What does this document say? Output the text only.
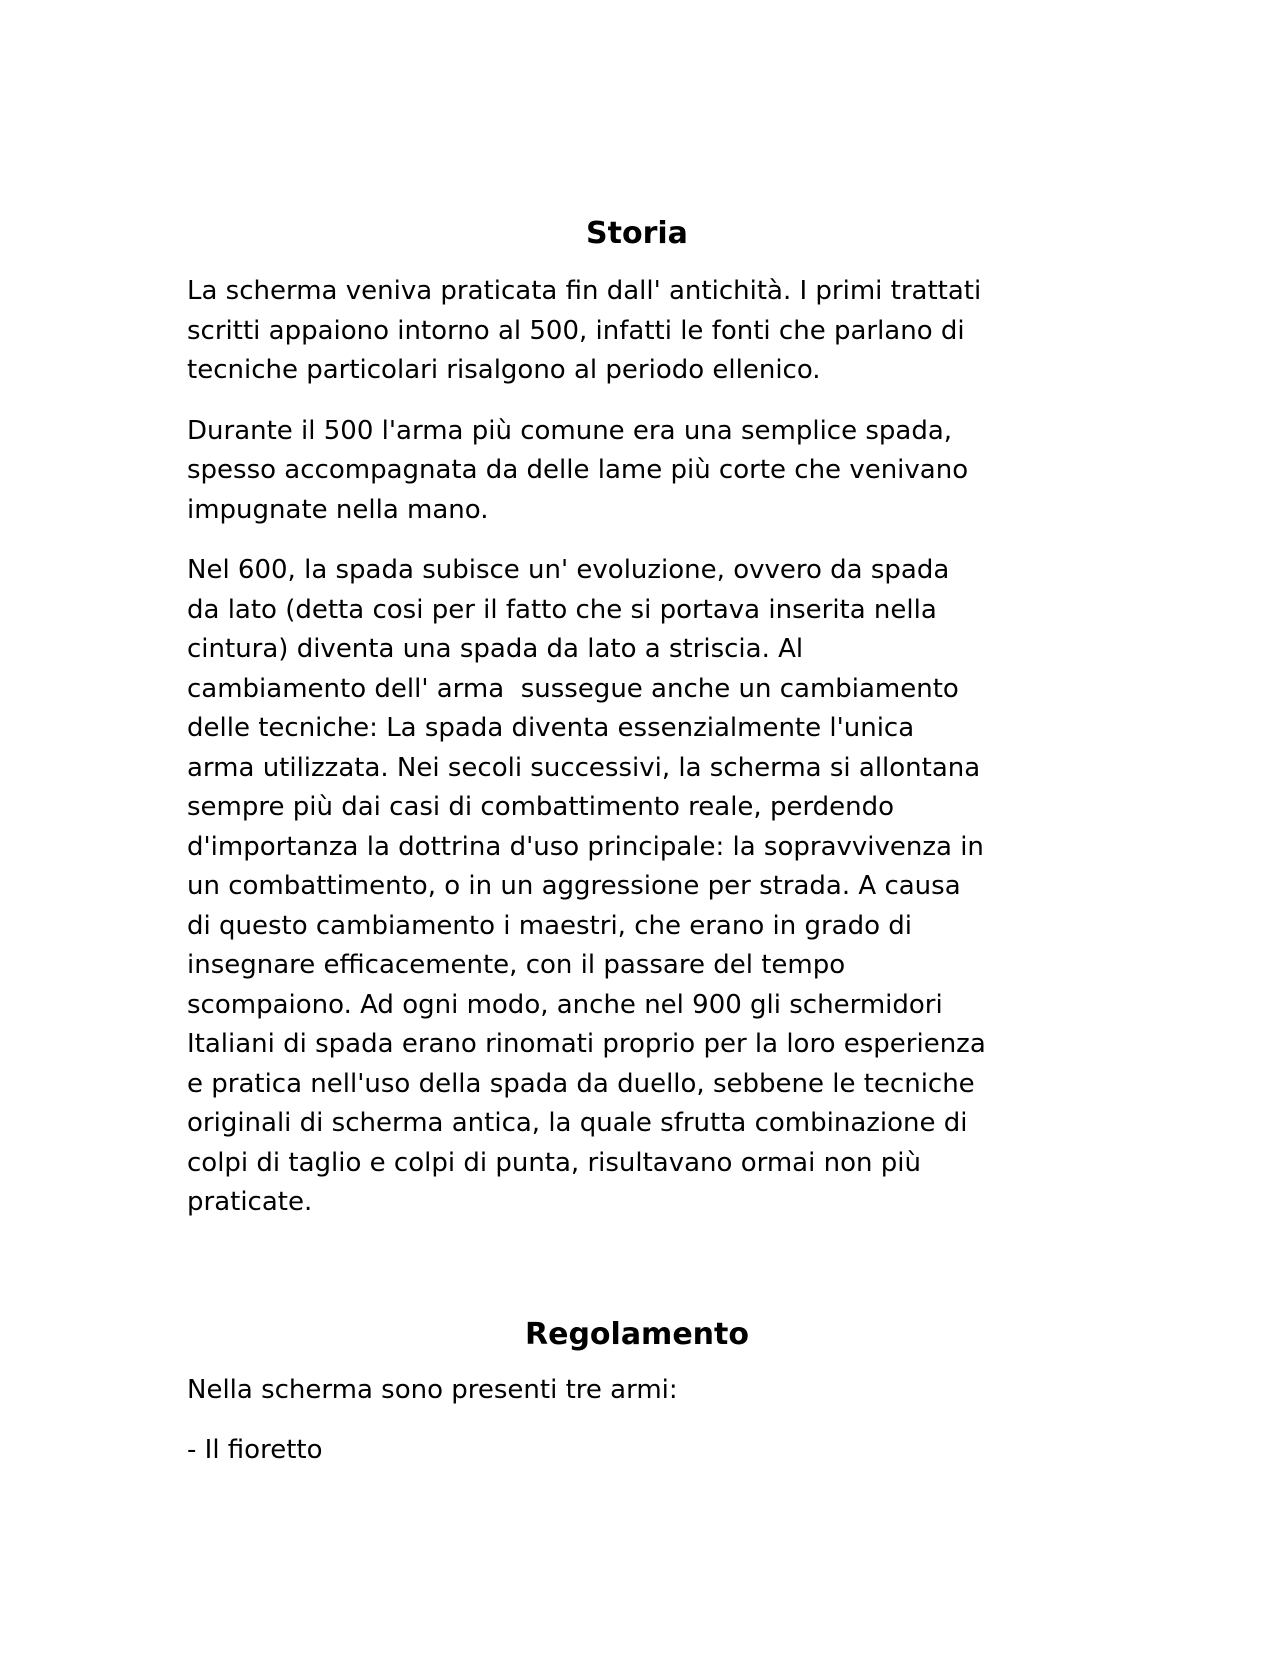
Storia

La scherma veniva praticata fin dall' antichità. I primi trattati
scritti appaiono intorno al 500, infatti le fonti che parlano di
tecniche particolari risalgono al periodo ellenico.

Durante il 500 l'arma più comune era una semplice spada,
spesso accompagnata da delle lame più corte che venivano
impugnate nella mano.

Nel 600, la spada subisce un' evoluzione, ovvero da spada
da lato (detta cosi per il fatto che si portava inserita nella
cintura) diventa una spada da lato a striscia. Al
cambiamento dell' arma  sussegue anche un cambiamento
delle tecniche: La spada diventa essenzialmente l'unica
arma utilizzata. Nei secoli successivi, la scherma si allontana
sempre più dai casi di combattimento reale, perdendo
d'importanza la dottrina d'uso principale: la sopravvivenza in
un combattimento, o in un aggressione per strada. A causa
di questo cambiamento i maestri, che erano in grado di
insegnare efficacemente, con il passare del tempo
scompaiono. Ad ogni modo, anche nel 900 gli schermidori
Italiani di spada erano rinomati proprio per la loro esperienza
e pratica nell'uso della spada da duello, sebbene le tecniche
originali di scherma antica, la quale sfrutta combinazione di
colpi di taglio e colpi di punta, risultavano ormai non più
praticate.

Regolamento

Nella scherma sono presenti tre armi:

- Il fioretto
